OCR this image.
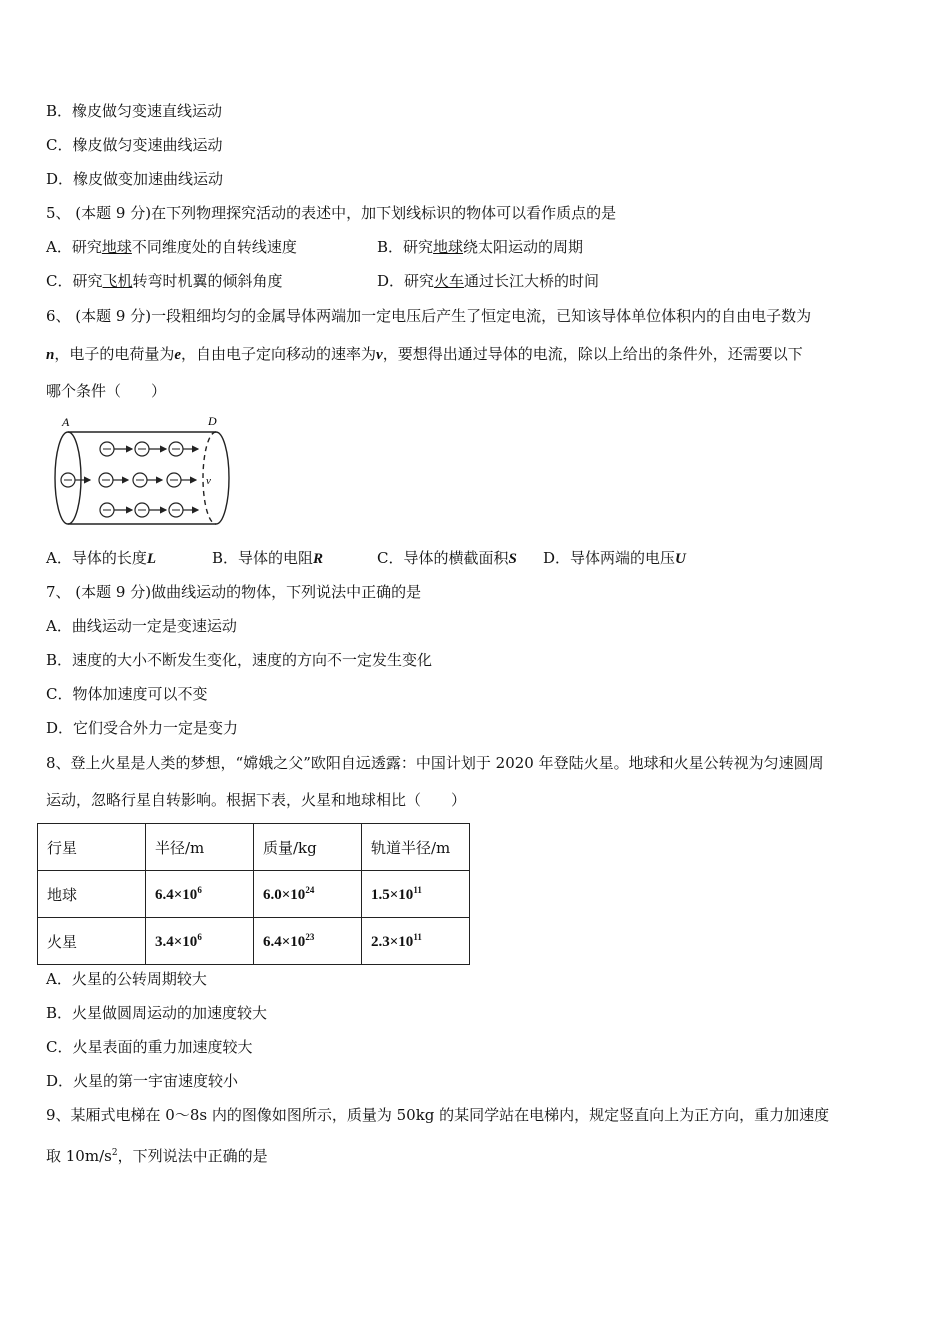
B．橡皮做匀变速直线运动
C．橡皮做匀变速曲线运动
D．橡皮做变加速曲线运动
5、 (本题 9 分)在下列物理探究活动的表述中，加下划线标识的物体可以看作质点的是
A．研究地球不同维度处的自转线速度	B．研究地球绕太阳运动的周期
C．研究飞机转弯时机翼的倾斜角度	D．研究火车通过长江大桥的时间
6、 (本题 9 分)一段粗细均匀的金属导体两端加一定电压后产生了恒定电流，已知该导体单位体积内的自由电子数为
n，电子的电荷量为e，自由电子定向移动的速率为v，要想得出通过导体的电流，除以上给出的条件外，还需要以下
哪个条件（　　）
A	D
v
A．导体的长度L	B．导体的电阻R	C．导体的横截面积S D．导体两端的电压U
7、 (本题 9 分)做曲线运动的物体，下列说法中正确的是
A．曲线运动一定是变速运动
B．速度的大小不断发生变化，速度的方向不一定发生变化
C．物体加速度可以不变
D．它们受合外力一定是变力
8、登上火星是人类的梦想，“嫦娥之父”欧阳自远透露：中国计划于 2020 年登陆火星。地球和火星公转视为匀速圆周
运动，忽略行星自转影响。根据下表，火星和地球相比（　　）
行星	半径/m	质量/kg	轨道半径/m
地球	$6.4\times 10^6$	$6.0\times 10^{24}$	$1.5\times 10^{11}$
火星	$3.4\times 10^6$	$6.4\times 10^{23}$	$2.3\times 10^{11}$
A．火星的公转周期较大
B．火星做圆周运动的加速度较大
C．火星表面的重力加速度较大
D．火星的第一宇宙速度较小
9、某厢式电梯在 0～8s 内的图像如图所示，质量为 50kg 的某同学站在电梯内，规定竖直向上为正方向，重力加速度
取 $10m/s^2$，下列说法中正确的是
